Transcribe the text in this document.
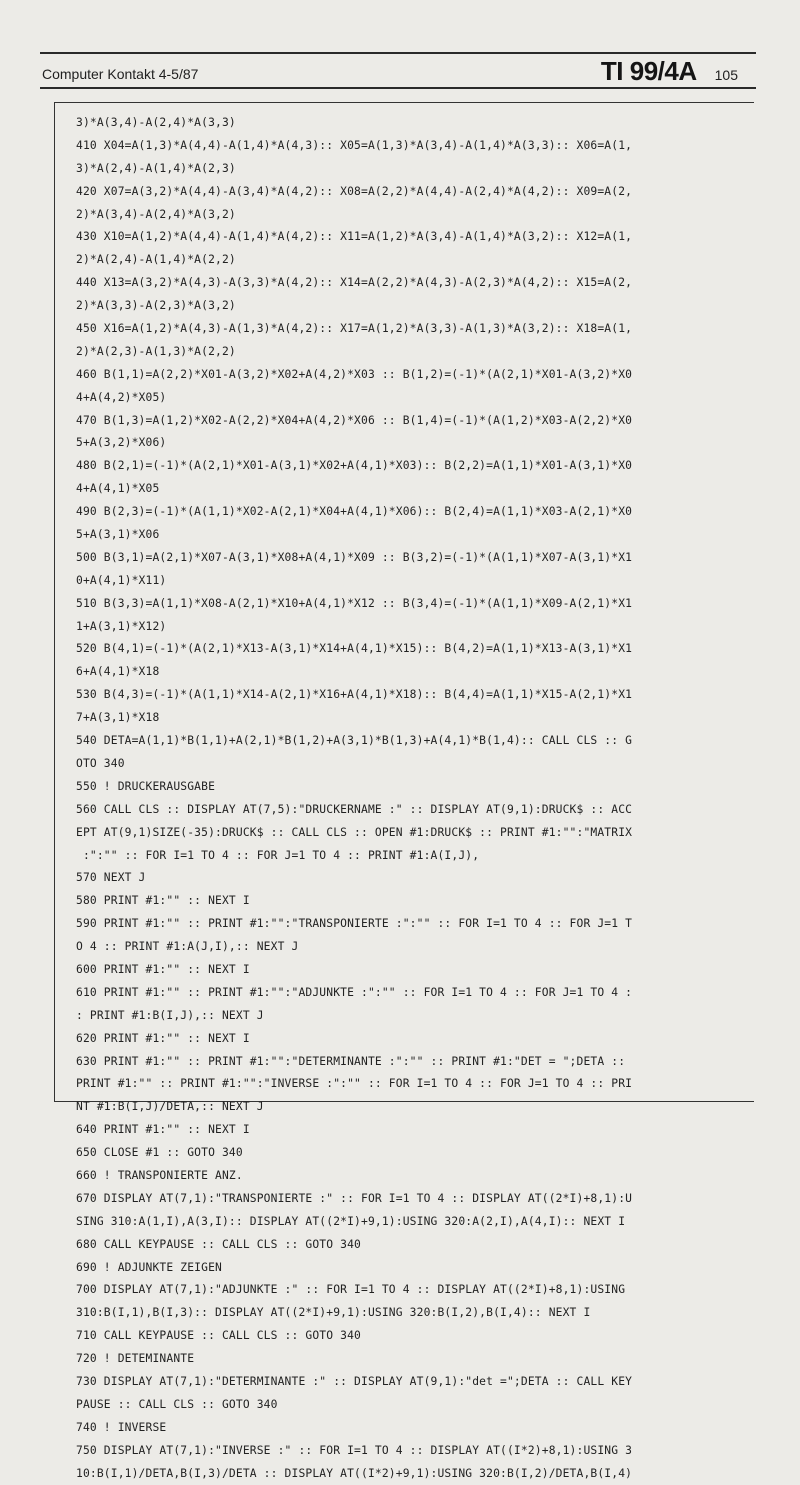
Computer Kontakt 4-5/87	TI 99/4A 105
3)*A(3,4)-A(2,4)*A(3,3)
410 X04=A(1,3)*A(4,4)-A(1,4)*A(4,3):: X05=A(1,3)*A(3,4)-A(1,4)*A(3,3):: X06=A(1,
3)*A(2,4)-A(1,4)*A(2,3)
420 X07=A(3,2)*A(4,4)-A(3,4)*A(4,2):: X08=A(2,2)*A(4,4)-A(2,4)*A(4,2):: X09=A(2,
2)*A(3,4)-A(2,4)*A(3,2)
430 X10=A(1,2)*A(4,4)-A(1,4)*A(4,2):: X11=A(1,2)*A(3,4)-A(1,4)*A(3,2):: X12=A(1,
2)*A(2,4)-A(1,4)*A(2,2)
440 X13=A(3,2)*A(4,3)-A(3,3)*A(4,2):: X14=A(2,2)*A(4,3)-A(2,3)*A(4,2):: X15=A(2,
2)*A(3,3)-A(2,3)*A(3,2)
450 X16=A(1,2)*A(4,3)-A(1,3)*A(4,2):: X17=A(1,2)*A(3,3)-A(1,3)*A(3,2):: X18=A(1,
2)*A(2,3)-A(1,3)*A(2,2)
460 B(1,1)=A(2,2)*X01-A(3,2)*X02+A(4,2)*X03 :: B(1,2)=(-1)*(A(2,1)*X01-A(3,2)*X0
4+A(4,2)*X05)
470 B(1,3)=A(1,2)*X02-A(2,2)*X04+A(4,2)*X06 :: B(1,4)=(-1)*(A(1,2)*X03-A(2,2)*X0
5+A(3,2)*X06)
480 B(2,1)=(-1)*(A(2,1)*X01-A(3,1)*X02+A(4,1)*X03):: B(2,2)=A(1,1)*X01-A(3,1)*X0
4+A(4,1)*X05
490 B(2,3)=(-1)*(A(1,1)*X02-A(2,1)*X04+A(4,1)*X06):: B(2,4)=A(1,1)*X03-A(2,1)*X0
5+A(3,1)*X06
500 B(3,1)=A(2,1)*X07-A(3,1)*X08+A(4,1)*X09 :: B(3,2)=(-1)*(A(1,1)*X07-A(3,1)*X1
0+A(4,1)*X11)
510 B(3,3)=A(1,1)*X08-A(2,1)*X10+A(4,1)*X12 :: B(3,4)=(-1)*(A(1,1)*X09-A(2,1)*X1
1+A(3,1)*X12)
520 B(4,1)=(-1)*(A(2,1)*X13-A(3,1)*X14+A(4,1)*X15):: B(4,2)=A(1,1)*X13-A(3,1)*X1
6+A(4,1)*X18
530 B(4,3)=(-1)*(A(1,1)*X14-A(2,1)*X16+A(4,1)*X18):: B(4,4)=A(1,1)*X15-A(2,1)*X1
7+A(3,1)*X18
540 DETA=A(1,1)*B(1,1)+A(2,1)*B(1,2)+A(3,1)*B(1,3)+A(4,1)*B(1,4):: CALL CLS :: G
OTO 340
550 ! DRUCKERAUSGABE
560 CALL CLS :: DISPLAY AT(7,5):"DRUCKERNAME :" :: DISPLAY AT(9,1):DRUCK$ :: ACC
EPT AT(9,1)SIZE(-35):DRUCK$ :: CALL CLS :: OPEN #1:DRUCK$ :: PRINT #1:"":"MATRIX
:":"" :: FOR I=1 TO 4 :: FOR J=1 TO 4 :: PRINT #1:A(I,J),
570 NEXT J
580 PRINT #1:"" :: NEXT I
590 PRINT #1:"" :: PRINT #1:"":"TRANSPONIERTE :":"" :: FOR I=1 TO 4 :: FOR J=1 T
O 4 :: PRINT #1:A(J,I),:: NEXT J
600 PRINT #1:"" :: NEXT I
610 PRINT #1:"" :: PRINT #1:"":"ADJUNKTE :":"" :: FOR I=1 TO 4 :: FOR J=1 TO 4 :
: PRINT #1:B(I,J),:: NEXT J
620 PRINT #1:"" :: NEXT I
630 PRINT #1:"" :: PRINT #1:"":"DETERMINANTE :":"" :: PRINT #1:"DET = ";DETA ::
PRINT #1:"" :: PRINT #1:"":"INVERSE :":"" :: FOR I=1 TO 4 :: FOR J=1 TO 4 :: PRI
NT #1:B(I,J)/DETA,:: NEXT J
640 PRINT #1:"" :: NEXT I
650 CLOSE #1 :: GOTO 340
660 ! TRANSPONIERTE ANZ.
670 DISPLAY AT(7,1):"TRANSPONIERTE :" :: FOR I=1 TO 4 :: DISPLAY AT((2*I)+8,1):U
SING 310:A(1,I),A(3,I):: DISPLAY AT((2*I)+9,1):USING 320:A(2,I),A(4,I):: NEXT I
680 CALL KEYPAUSE :: CALL CLS :: GOTO 340
690 ! ADJUNKTE ZEIGEN
700 DISPLAY AT(7,1):"ADJUNKTE :" :: FOR I=1 TO 4 :: DISPLAY AT((2*I)+8,1):USING
310:B(I,1),B(I,3):: DISPLAY AT((2*I)+9,1):USING 320:B(I,2),B(I,4):: NEXT I
710 CALL KEYPAUSE :: CALL CLS :: GOTO 340
720 ! DETEMINANTE
730 DISPLAY AT(7,1):"DETERMINANTE :" :: DISPLAY AT(9,1):"det =";DETA :: CALL KEY
PAUSE :: CALL CLS :: GOTO 340
740 ! INVERSE
750 DISPLAY AT(7,1):"INVERSE :" :: FOR I=1 TO 4 :: DISPLAY AT((I*2)+8,1):USING 3
10:B(I,1)/DETA,B(I,3)/DETA :: DISPLAY AT((I*2)+9,1):USING 320:B(I,2)/DETA,B(I,4)
